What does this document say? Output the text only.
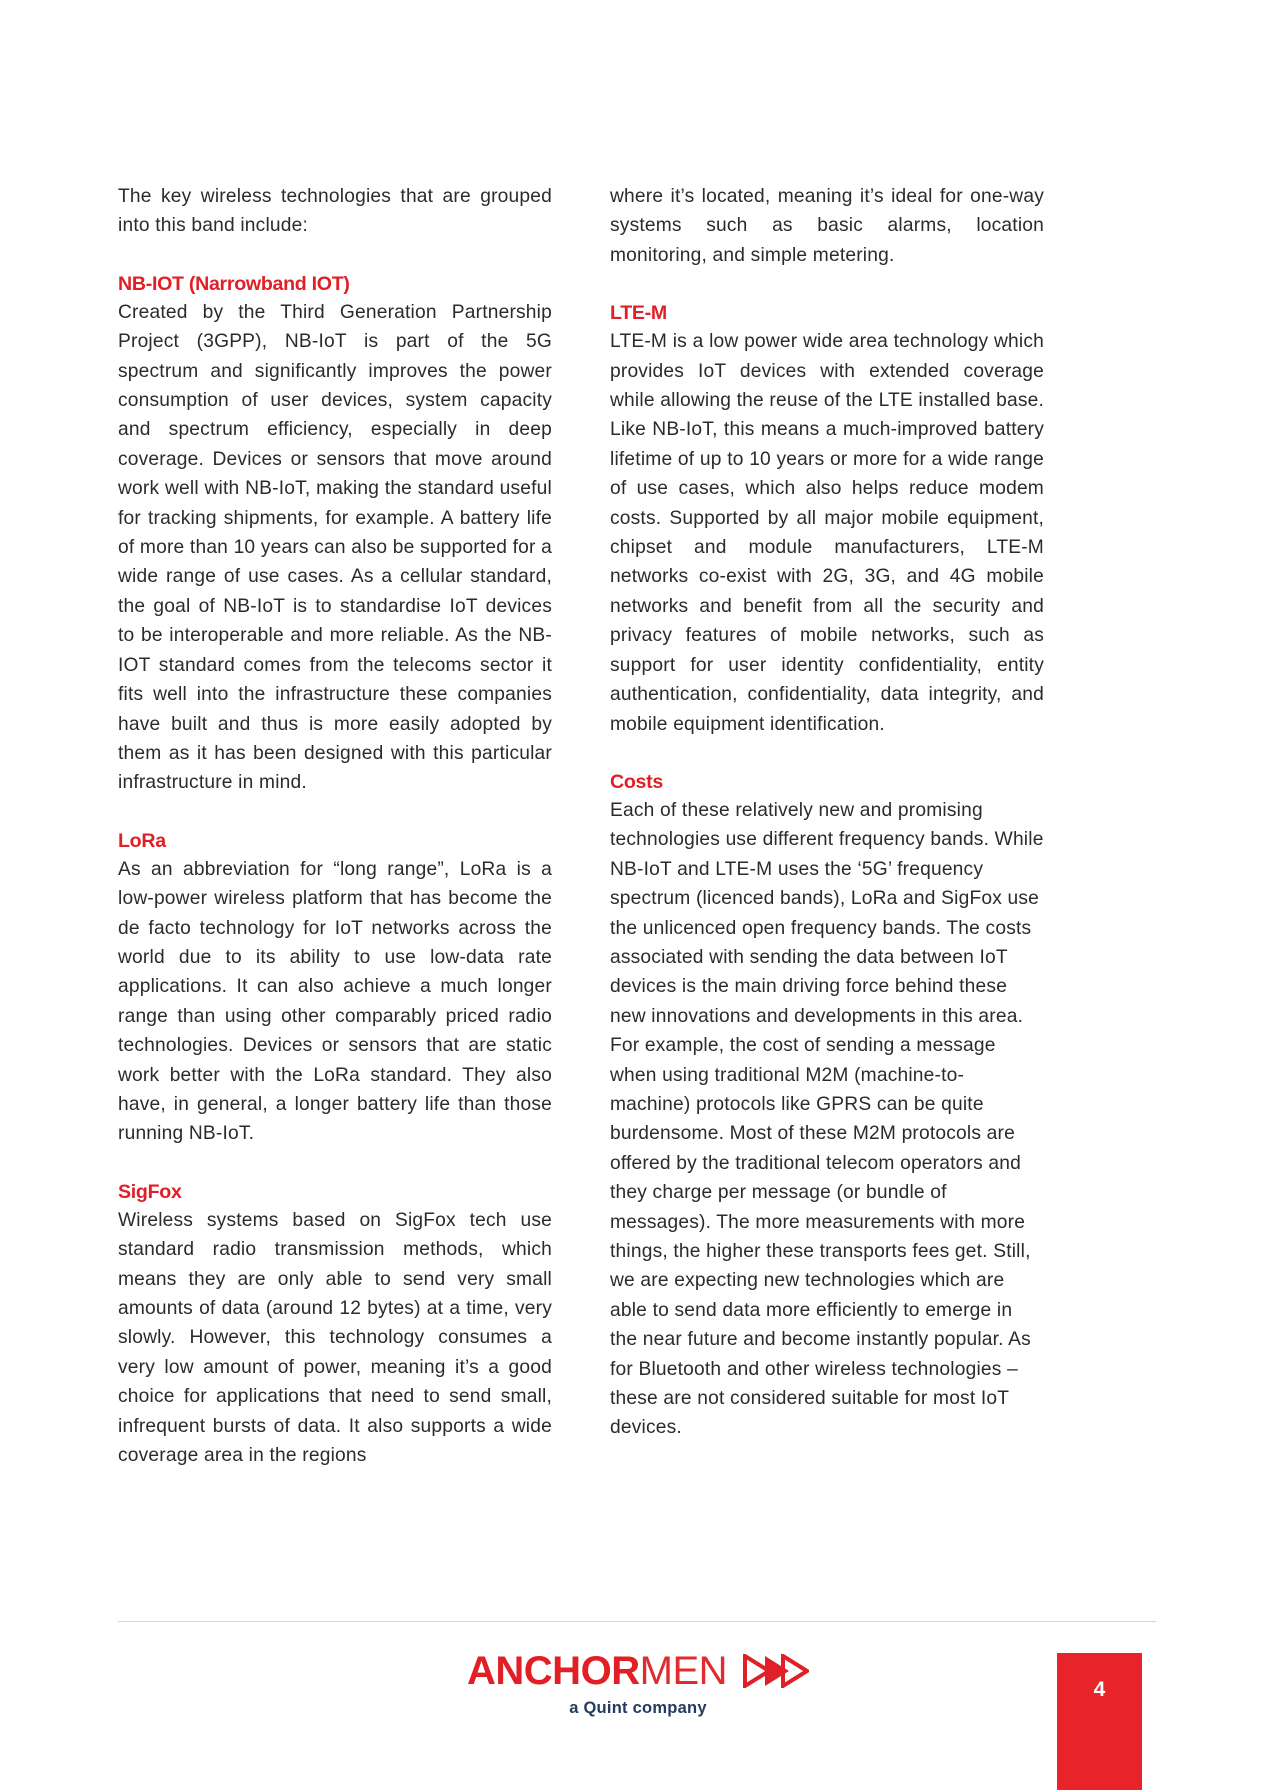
The key wireless technologies that are grouped into this band include:

NB-IOT (Narrowband IOT)

Created by the Third Generation Partnership Project (3GPP), NB-IoT is part of the 5G spectrum and significantly improves the power consumption of user devices, system capacity and spectrum efficiency, especially in deep coverage. Devices or sensors that move around work well with NB-IoT, making the standard useful for tracking shipments, for example. A battery life of more than 10 years can also be supported for a wide range of use cases. As a cellular standard, the goal of NB-IoT is to standardise IoT devices to be interoperable and more reliable. As the NB-IOT standard comes from the telecoms sector it fits well into the infrastructure these companies have built and thus is more easily adopted by them as it has been designed with this particular infrastructure in mind.

LoRa

As an abbreviation for “long range”, LoRa is a low-power wireless platform that has become the de facto technology for IoT networks across the world due to its ability to use low-data rate applications. It can also achieve a much longer range than using other comparably priced radio technologies. Devices or sensors that are static work better with the LoRa standard. They also have, in general, a longer battery life than those running NB-IoT.

SigFox

Wireless systems based on SigFox tech use standard radio transmission methods, which means they are only able to send very small amounts of data (around 12 bytes) at a time, very slowly. However, this technology consumes a very low amount of power, meaning it’s a good choice for applications that need to send small, infrequent bursts of data. It also supports a wide coverage area in the regions

where it’s located, meaning it’s ideal for one-way systems such as basic alarms, location monitoring, and simple metering.

LTE-M

LTE-M is a low power wide area technology which provides IoT devices with extended coverage while allowing the reuse of the LTE installed base. Like NB-IoT, this means a much-improved battery lifetime of up to 10 years or more for a wide range of use cases, which also helps reduce modem costs. Supported by all major mobile equipment, chipset and module manufacturers, LTE-M networks co-exist with 2G, 3G, and 4G mobile networks and benefit from all the security and privacy features of mobile networks, such as support for user identity confidentiality, entity authentication, confidentiality, data integrity, and mobile equipment identification.

Costs

Each of these relatively new and promising technologies use different frequency bands. While NB-IoT and LTE-M uses the ‘5G’ frequency spectrum (licenced bands), LoRa and SigFox use the unlicenced open frequency bands. The costs associated with sending the data between IoT devices is the main driving force behind these new innovations and developments in this area. For example, the cost of sending a message when using traditional M2M (machine-to-machine) protocols like GPRS can be quite burdensome. Most of these M2M protocols are offered by the traditional telecom operators and they charge per message (or bundle of messages). The more measurements with more things, the higher these transports fees get. Still, we are expecting new technologies which are able to send data more efficiently to emerge in the near future and become instantly popular. As for Bluetooth and other wireless technologies – these are not considered suitable for most IoT devices.

ANCHOR MEN
a Quint company
4
